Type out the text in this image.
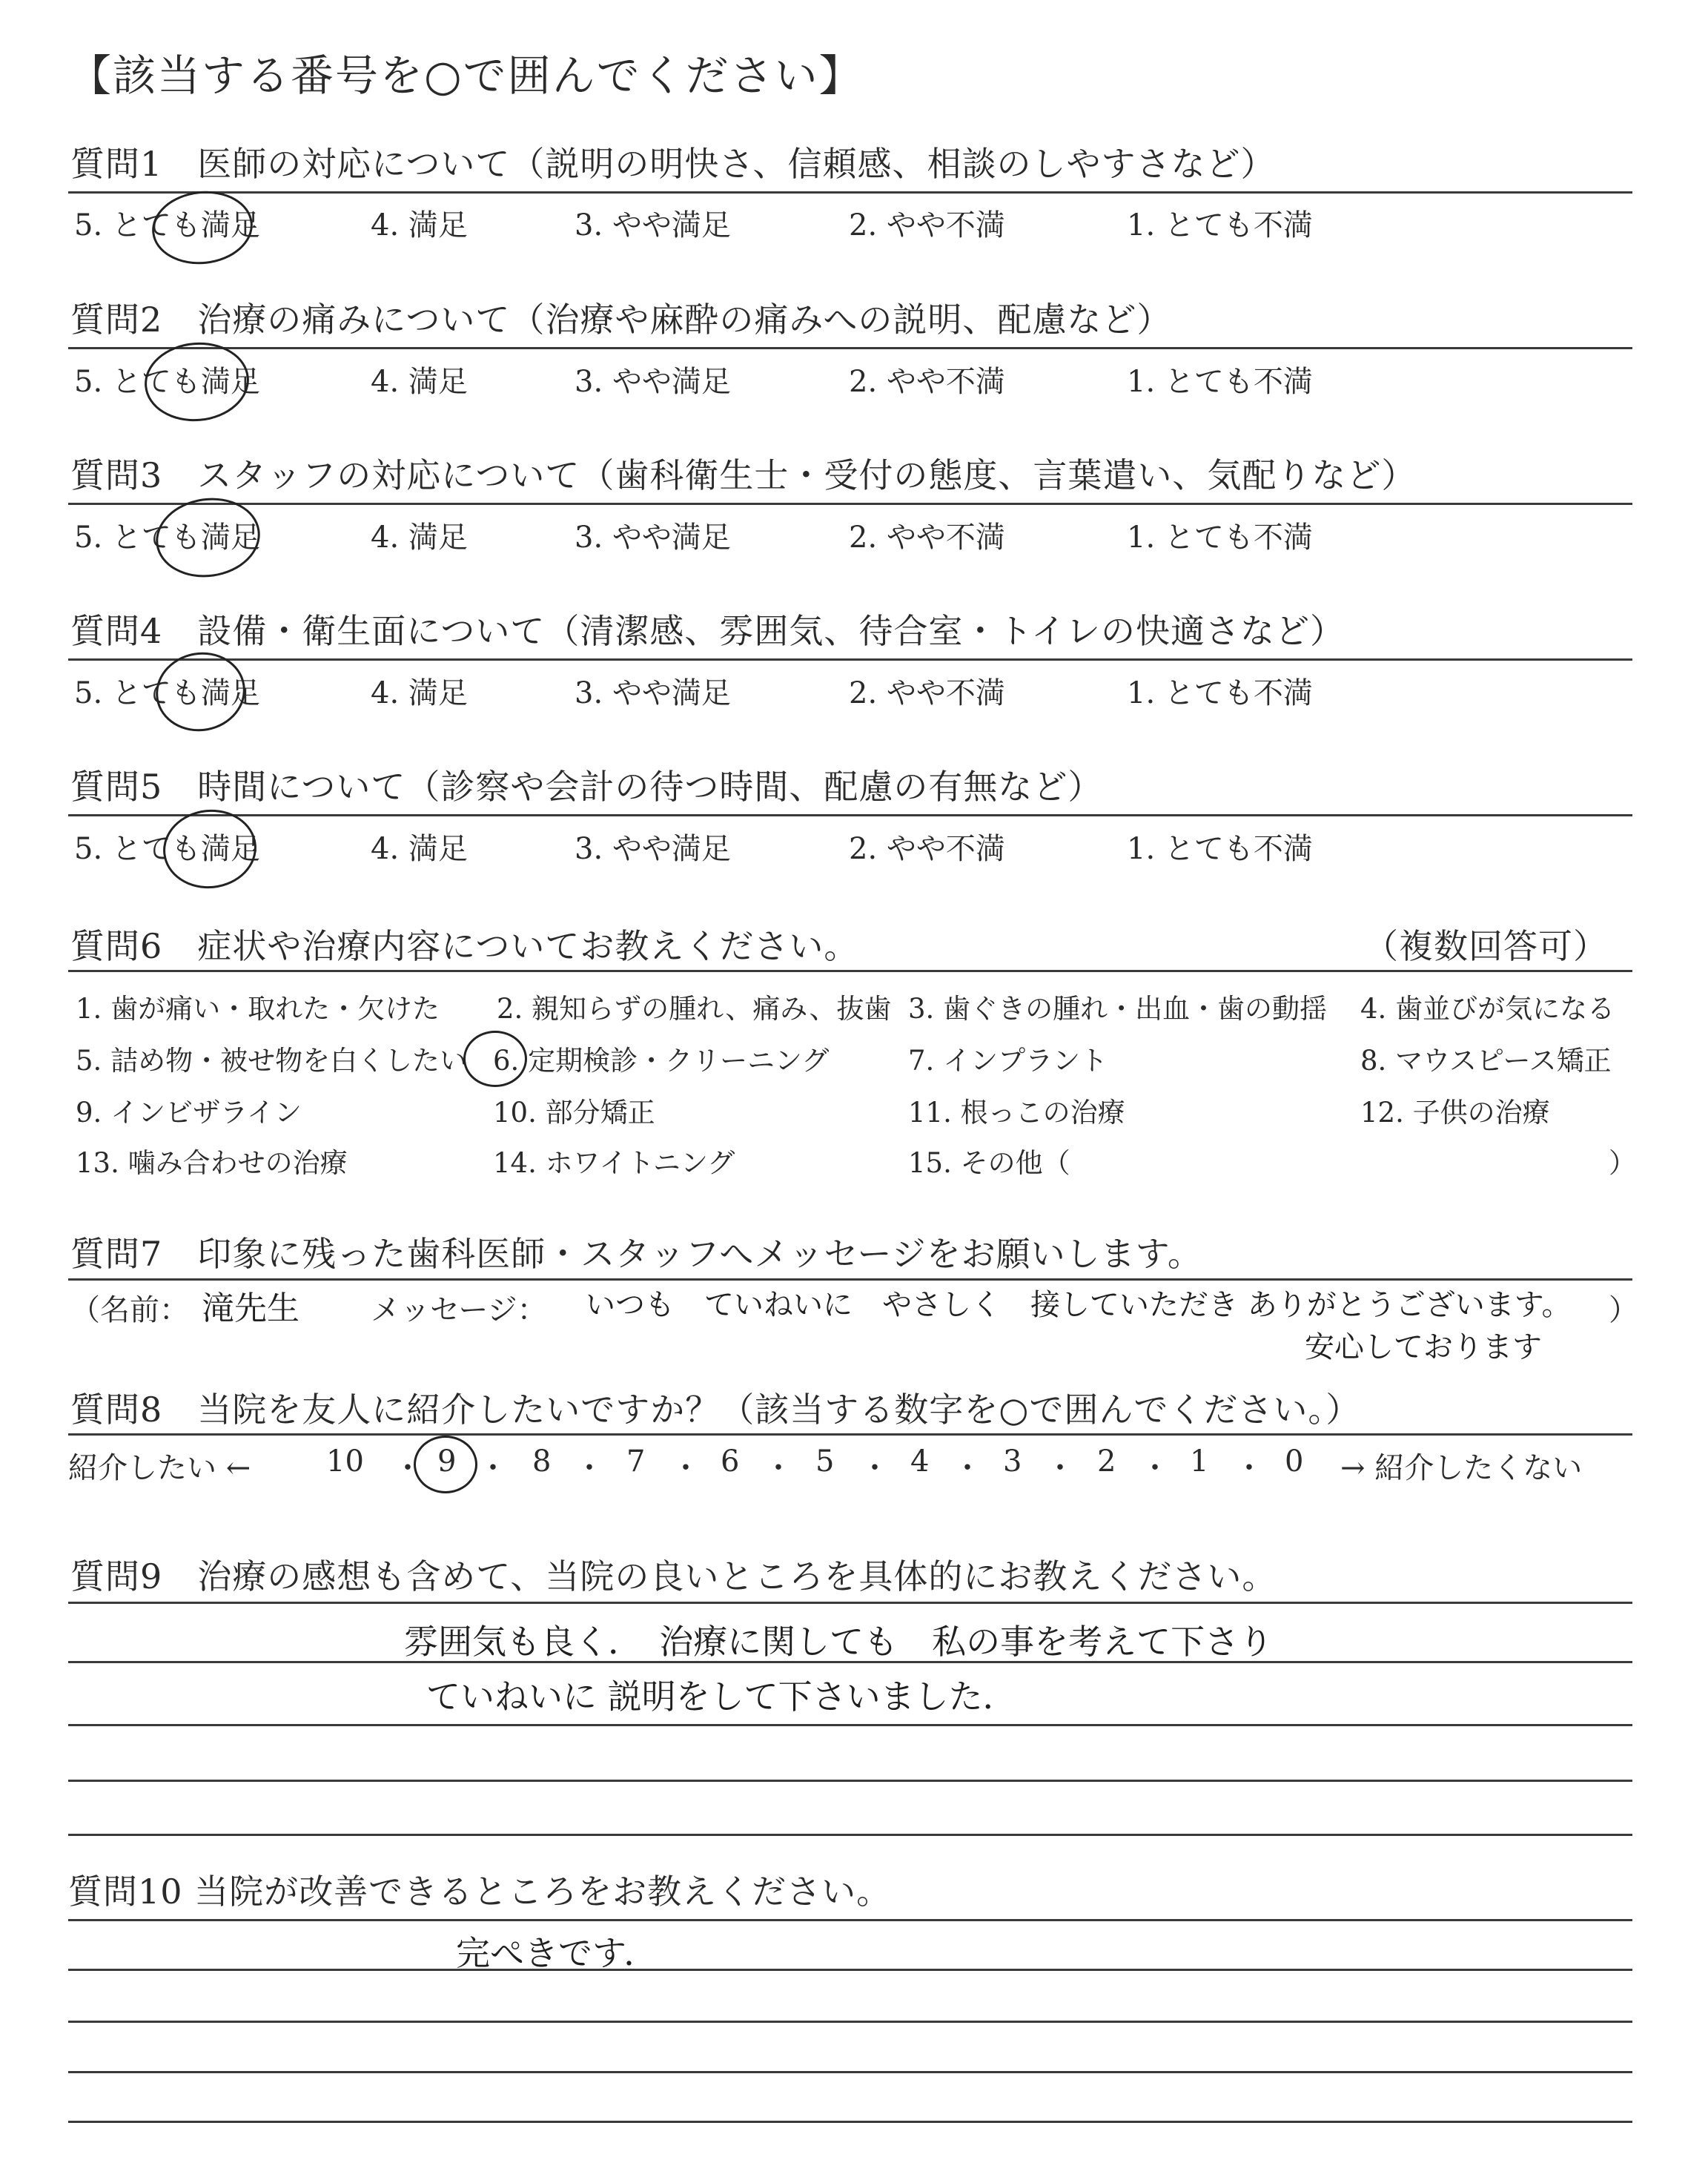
【該当する番号を○で囲んでください】
質問1　医師の対応について（説明の明快さ、信頼感、相談のしやすさなど）
5. とても満足	4. 満足	3. やや満足	2. やや不満	1. とても不満
質問2　治療の痛みについて（治療や麻酔の痛みへの説明、配慮など）
5. とても満足	4. 満足	3. やや満足	2. やや不満	1. とても不満
質問3　スタッフの対応について（歯科衛生士・受付の態度、言葉遣い、気配りなど）
5. とても満足	4. 満足	3. やや満足	2. やや不満	1. とても不満
質問4　設備・衛生面について（清潔感、雰囲気、待合室・トイレの快適さなど）
5. とても満足	4. 満足	3. やや満足	2. やや不満	1. とても不満
質問5　時間について（診察や会計の待つ時間、配慮の有無など）
5. とても満足	4. 満足	3. やや満足	2. やや不満	1. とても不満
質問6　症状や治療内容についてお教えください。	（複数回答可）
1. 歯が痛い・取れた・欠けた 2. 親知らずの腫れ、痛み、抜歯 3. 歯ぐきの腫れ・出血・歯の動揺 4. 歯並びが気になる
5. 詰め物・被せ物を白くしたい 6. 定期検診・クリーニング	7. インプラント	8. マウスピース矯正
9. インビザライン	10. 部分矯正	11. 根っこの治療	12. 子供の治療
13. 噛み合わせの治療	14. ホワイトニング	15. その他（	）
質問7　印象に残った歯科医師・スタッフへメッセージをお願いします。
（名前： 滝先生 メッセージ： いつも　ていねいに　やさしく　接していただき ありがとうございます。
安心しております
）
質問8　当院を友人に紹介したいですか？（該当する数字を○で囲んでください。）
紹介したい ←	10 ・ 9 ・ 8 ・ 7 ・ 6 ・ 5 ・ 4 ・ 3 ・ 2 ・ 1 ・ 0 → 紹介したくない
質問9　治療の感想も含めて、当院の良いところを具体的にお教えください。
雰囲気も良く．　治療に関しても　私の事を考えて下さり
ていねいに 説明をして下さいました．
質問10 当院が改善できるところをお教えください。
完ぺきです．
